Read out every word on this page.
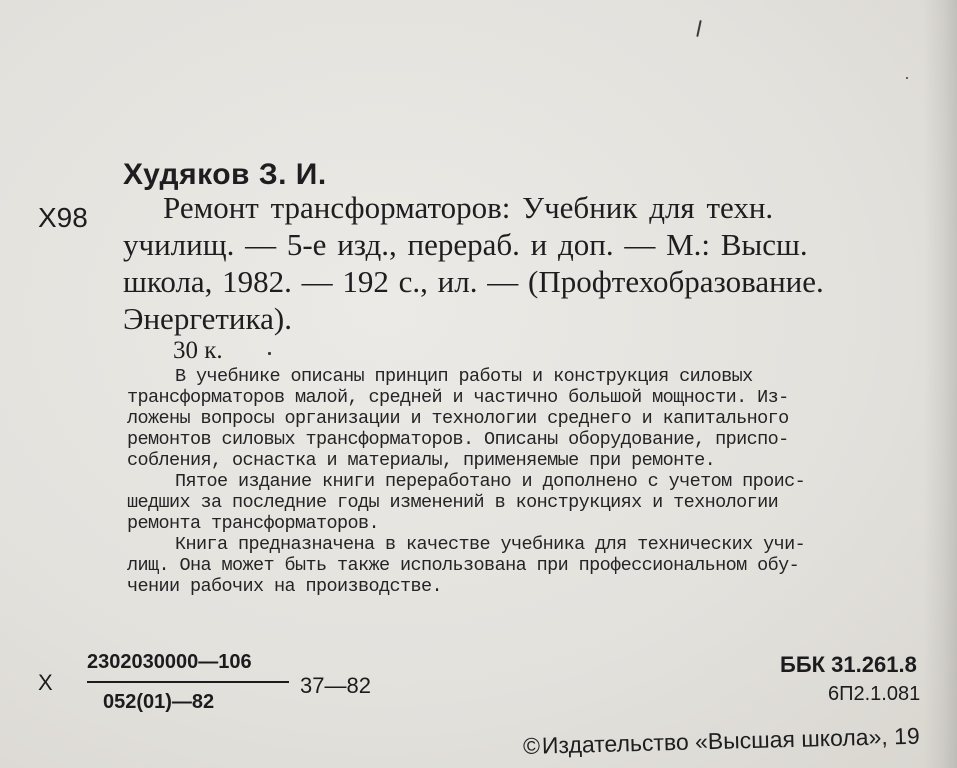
Худяков З. И.
Х98 Ремонт трансформаторов: Учебник для техн.
училищ. — 5-е изд., перераб. и доп. — М.: Высш.
школа, 1982. — 192 с., ил. — (Профтехобразование.
Энергетика).
30 к.
В учебнике описаны принцип работы и конструкция силовых
трансформаторов малой, средней и частично большой мощности. Из-
ложены вопросы организации и технологии среднего и капитального
ремонтов силовых трансформаторов. Описаны оборудование, приспо-
собления, оснастка и материалы, применяемые при ремонте.
Пятое издание книги переработано и дополнено с учетом проис-
шедших за последние годы изменений в конструкциях и технологии
ремонта трансформаторов.
Книга предназначена в качестве учебника для технических учи-
лищ. Она может быть также использована при профессиональном обу-
чении рабочих на производстве.
Х
2302030000—106
052(01)—82
37—82
ББК 31.261.8
6П2.1.081
©Издательство «Высшая школа», 19
